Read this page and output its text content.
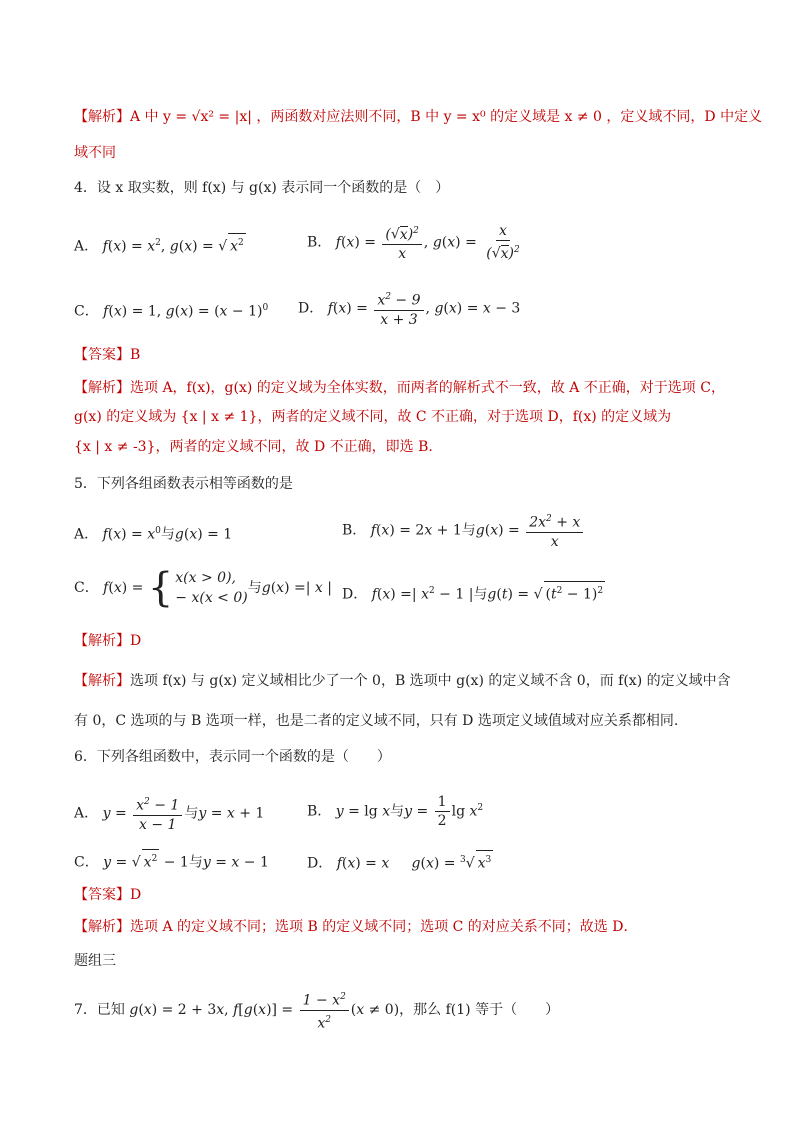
【解析】A 中 y = √x² = |x| ，两函数对应法则不同，B 中 y = x⁰ 的定义域是 x ≠ 0 ，定义域不同，D 中定义
域不同
4．设 x 取实数，则 f(x) 与 g(x) 表示同一个函数的是（　）
A． $f(x) = x^2$, g(x) = √ $x^2$	B． $f(x) = \frac{(√x)^2}{x}$ , $g(x) = \frac{x}{(√x)^2}$
C． f(x) = 1, $g(x) = (x - 1)^0$ D． $f(x) = \frac{x^2 - 9}{x + 3}$ , g(x) = x − 3
【答案】B
【解析】选项 A，f(x)，g(x) 的定义域为全体实数，而两者的解析式不一致，故 A 不正确，对于选项 C，
g(x) 的定义域为 {x | x ≠ 1}，两者的定义域不同，故 C 不正确，对于选项 D，f(x) 的定义域为
{x | x ≠ -3}，两者的定义域不同，故 D 不正确，即选 B.
5．下列各组函数表示相等函数的是
A． $f(x) = x^0$与g(x) = 1	B． f(x) = 2x + 1与$g(x) = \frac{2x^2 + x}{x}$
C． f(x) = { x(x > 0),
− x(x < 0)
与g(x) =| x | D． f(x) =| $x^2 - 1$ |与g(t) = √ $(t^2 - 1)^2$
【解析】D
【解析】选项 f(x) 与 g(x) 定义域相比少了一个 0，B 选项中 g(x) 的定义域不含 0，而 f(x) 的定义域中含
有 0，C 选项的与 B 选项一样，也是二者的定义域不同，只有 D 选项定义域值域对应关系都相同.
6．下列各组函数中，表示同一个函数的是（　　）
A． $y = \frac{x^2 - 1}{x - 1}$ 与y = x + 1	B． y = lg x与$y = \frac{1}{2}$ $\lg x^2$
C． y = √ $x^2 - 1$与y = x − 1	D． f(x) = x g(x) = $^3$√ $x^3$
【答案】D
【解析】选项 A 的定义域不同；选项 B 的定义域不同；选项 C 的对应关系不同；故选 D．
题组三
7．已知 g(x) = 2 + 3x, $f[g(x)] = \frac{1 - x^2}{x^2} (x \ne 0)$，那么 f(1) 等于（　　）
